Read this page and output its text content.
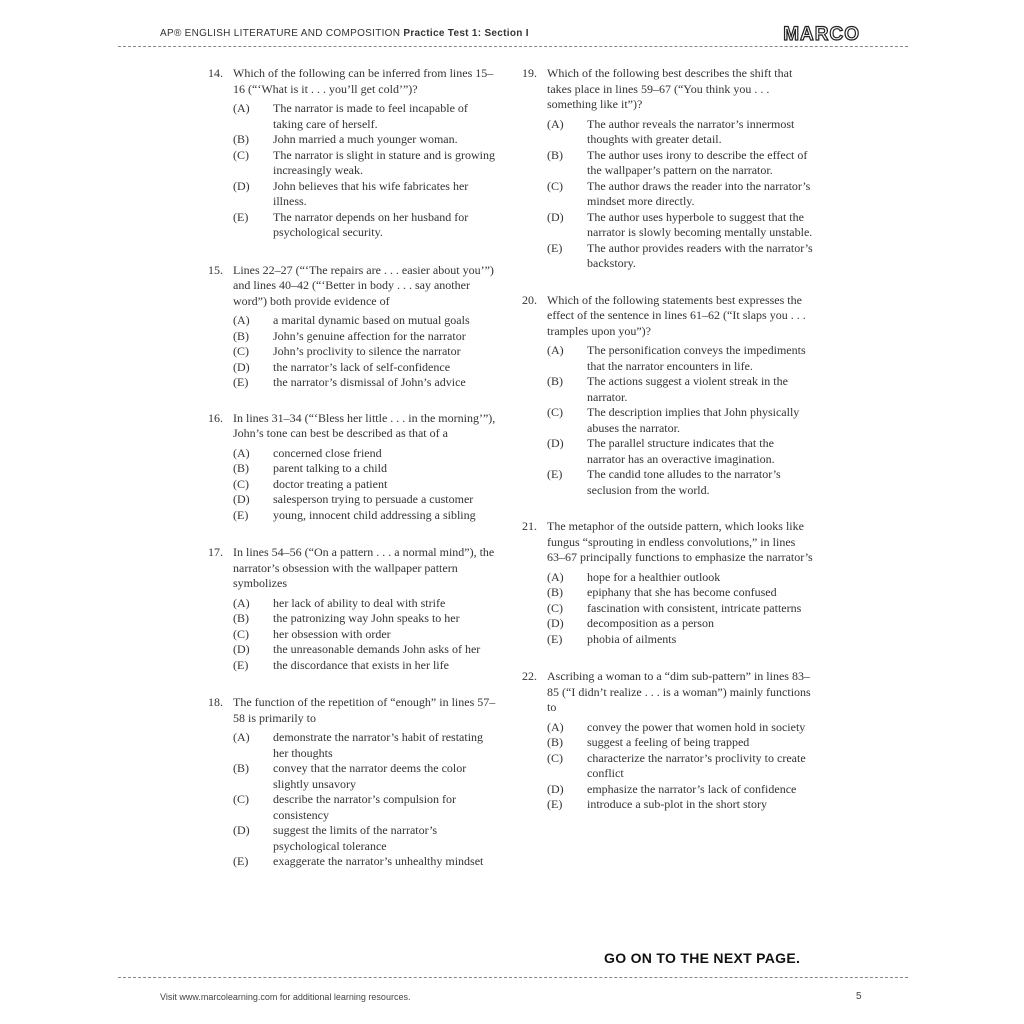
AP® ENGLISH LITERATURE AND COMPOSITION Practice Test 1: Section I	MARCO
14. Which of the following can be inferred from lines 15–16 (“‘What is it . . . you’ll get cold’”)?
(A) The narrator is made to feel incapable of taking care of herself.
(B) John married a much younger woman.
(C) The narrator is slight in stature and is growing increasingly weak.
(D) John believes that his wife fabricates her illness.
(E) The narrator depends on her husband for psychological security.
15. Lines 22–27 (“‘The repairs are . . . easier about you’”) and lines 40–42 (“‘Better in body . . . say another word”) both provide evidence of
(A) a marital dynamic based on mutual goals
(B) John’s genuine affection for the narrator
(C) John’s proclivity to silence the narrator
(D) the narrator’s lack of self-confidence
(E) the narrator’s dismissal of John’s advice
16. In lines 31–34 (“‘Bless her little . . . in the morning’”), John’s tone can best be described as that of a
(A) concerned close friend
(B) parent talking to a child
(C) doctor treating a patient
(D) salesperson trying to persuade a customer
(E) young, innocent child addressing a sibling
17. In lines 54–56 (“On a pattern . . . a normal mind”), the narrator’s obsession with the wallpaper pattern symbolizes
(A) her lack of ability to deal with strife
(B) the patronizing way John speaks to her
(C) her obsession with order
(D) the unreasonable demands John asks of her
(E) the discordance that exists in her life
18. The function of the repetition of “enough” in lines 57–58 is primarily to
(A) demonstrate the narrator’s habit of restating her thoughts
(B) convey that the narrator deems the color slightly unsavory
(C) describe the narrator’s compulsion for consistency
(D) suggest the limits of the narrator’s psychological tolerance
(E) exaggerate the narrator’s unhealthy mindset
19. Which of the following best describes the shift that takes place in lines 59–67 (“You think you . . . something like it”)?
(A) The author reveals the narrator’s innermost thoughts with greater detail.
(B) The author uses irony to describe the effect of the wallpaper’s pattern on the narrator.
(C) The author draws the reader into the narrator’s mindset more directly.
(D) The author uses hyperbole to suggest that the narrator is slowly becoming mentally unstable.
(E) The author provides readers with the narrator’s backstory.
20. Which of the following statements best expresses the effect of the sentence in lines 61–62 (“It slaps you . . . tramples upon you”)?
(A) The personification conveys the impediments that the narrator encounters in life.
(B) The actions suggest a violent streak in the narrator.
(C) The description implies that John physically abuses the narrator.
(D) The parallel structure indicates that the narrator has an overactive imagination.
(E) The candid tone alludes to the narrator’s seclusion from the world.
21. The metaphor of the outside pattern, which looks like fungus “sprouting in endless convolutions,” in lines 63–67 principally functions to emphasize the narrator’s
(A) hope for a healthier outlook
(B) epiphany that she has become confused
(C) fascination with consistent, intricate patterns
(D) decomposition as a person
(E) phobia of ailments
22. Ascribing a woman to a “dim sub-pattern” in lines 83–85 (“I didn’t realize . . . is a woman”) mainly functions to
(A) convey the power that women hold in society
(B) suggest a feeling of being trapped
(C) characterize the narrator’s proclivity to create conflict
(D) emphasize the narrator’s lack of confidence
(E) introduce a sub-plot in the short story
GO ON TO THE NEXT PAGE.
Visit www.marcolearning.com for additional learning resources.	5
